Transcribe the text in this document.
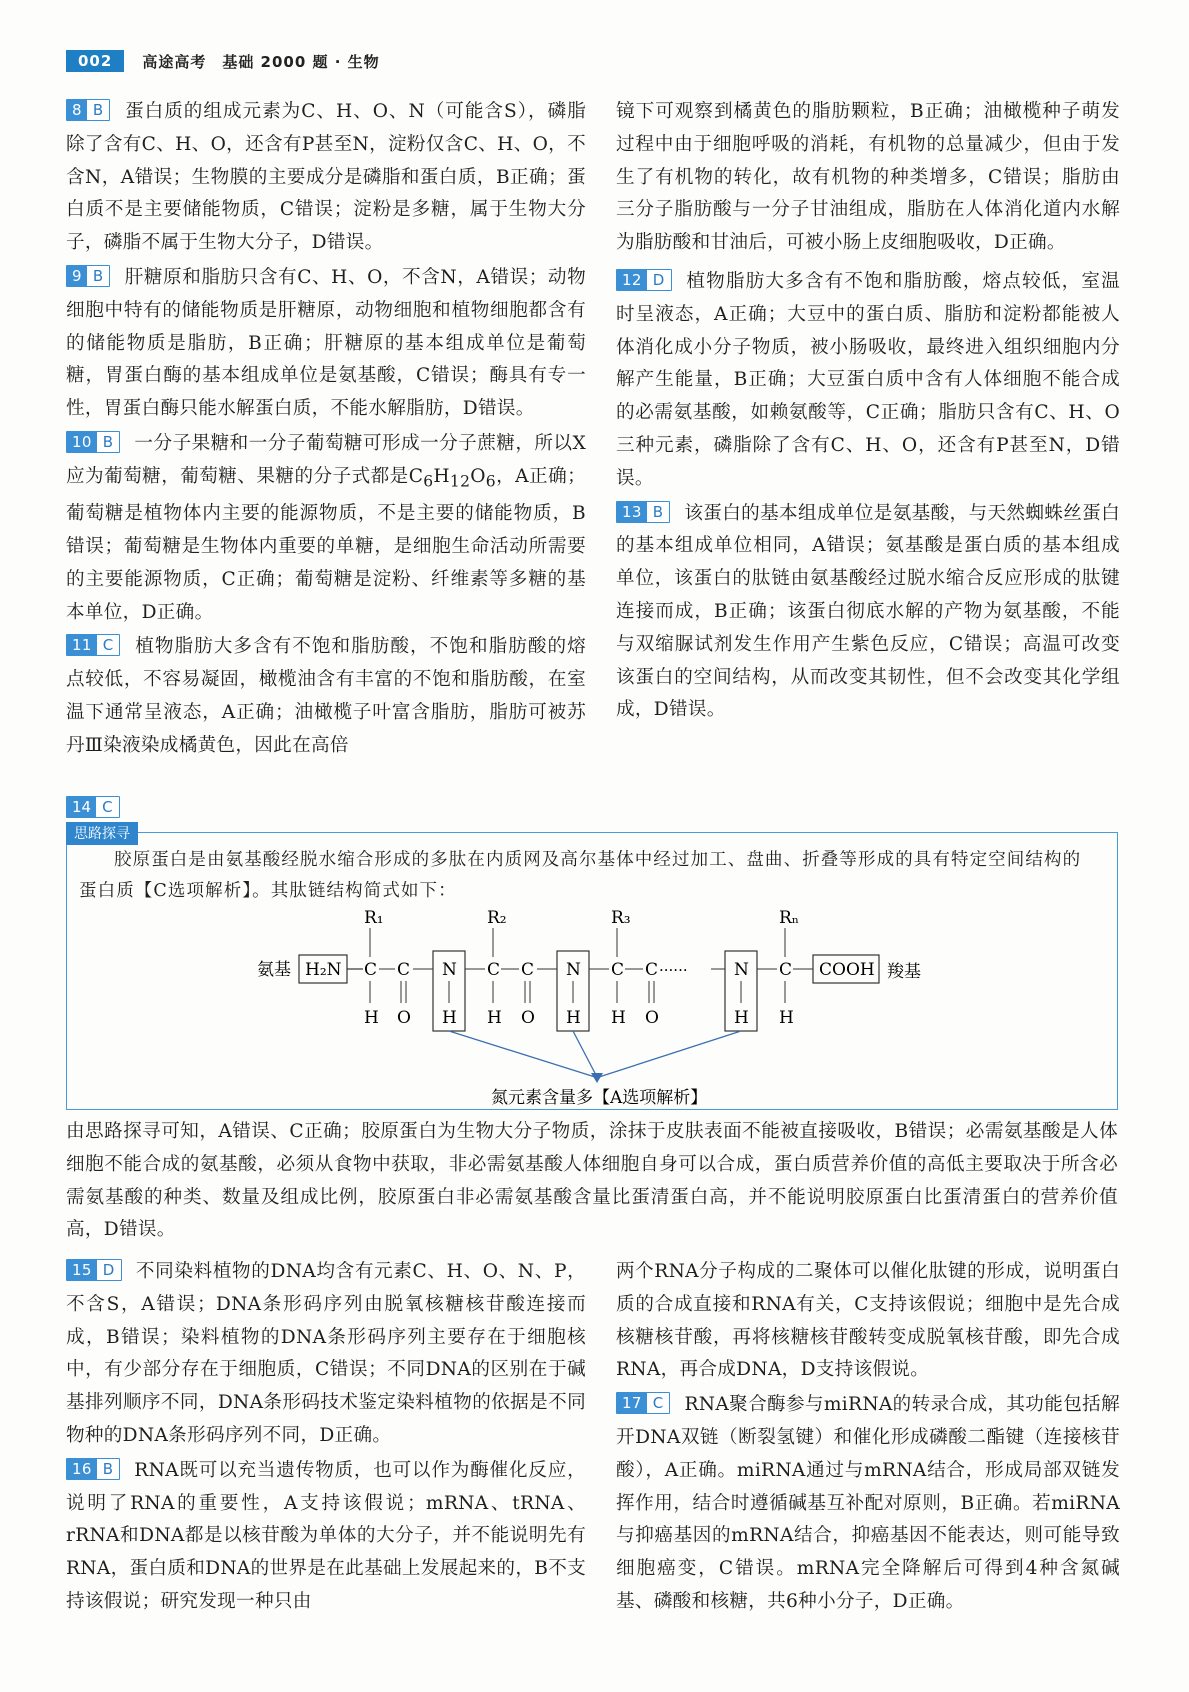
002	高途高考　基础 2000 题 · 生物

8 B 蛋白质的组成元素为C、H、O、N（可能含S），磷脂除了含有C、H、O，还含有P甚至N，淀粉仅含C、H、O，不含N，A错误；生物膜的主要成分是磷脂和蛋白质，B正确；蛋白质不是主要储能物质，C错误；淀粉是多糖，属于生物大分子，磷脂不属于生物大分子，D错误。

9 B 肝糖原和脂肪只含有C、H、O，不含N，A错误；动物细胞中特有的储能物质是肝糖原，动物细胞和植物细胞都含有的储能物质是脂肪，B正确；肝糖原的基本组成单位是葡萄糖，胃蛋白酶的基本组成单位是氨基酸，C错误；酶具有专一性，胃蛋白酶只能水解蛋白质，不能水解脂肪，D错误。

10 B 一分子果糖和一分子葡萄糖可形成一分子蔗糖，所以X应为葡萄糖，葡萄糖、果糖的分子式都是$C_6H_{12}O_6$，A正确；葡萄糖是植物体内主要的能源物质，不是主要的储能物质，B错误；葡萄糖是生物体内重要的单糖，是细胞生命活动所需要的主要能源物质，C正确；葡萄糖是淀粉、纤维素等多糖的基本单位，D正确。

11 C 植物脂肪大多含有不饱和脂肪酸，不饱和脂肪酸的熔点较低，不容易凝固，橄榄油含有丰富的不饱和脂肪酸，在室温下通常呈液态，A正确；油橄榄子叶富含脂肪，脂肪可被苏丹Ⅲ染液染成橘黄色，因此在高倍

镜下可观察到橘黄色的脂肪颗粒，B正确；油橄榄种子萌发过程中由于细胞呼吸的消耗，有机物的总量减少，但由于发生了有机物的转化，故有机物的种类增多，C错误；脂肪由三分子脂肪酸与一分子甘油组成，脂肪在人体消化道内水解为脂肪酸和甘油后，可被小肠上皮细胞吸收，D正确。

12 D 植物脂肪大多含有不饱和脂肪酸，熔点较低，室温时呈液态，A正确；大豆中的蛋白质、脂肪和淀粉都能被人体消化成小分子物质，被小肠吸收，最终进入组织细胞内分解产生能量，B正确；大豆蛋白质中含有人体细胞不能合成的必需氨基酸，如赖氨酸等，C正确；脂肪只含有C、H、O三种元素，磷脂除了含有C、H、O，还含有P甚至N，D错误。

13 B 该蛋白的基本组成单位是氨基酸，与天然蜘蛛丝蛋白的基本组成单位相同，A错误；氨基酸是蛋白质的基本组成单位，该蛋白的肽链由氨基酸经过脱水缩合反应形成的肽键连接而成，B正确；该蛋白彻底水解的产物为氨基酸，不能与双缩脲试剂发生作用产生紫色反应，C错误；高温可改变该蛋白的空间结构，从而改变其韧性，但不会改变其化学组成，D错误。

14 C
思路探寻
胶原蛋白是由氨基酸经脱水缩合形成的多肽在内质网及高尔基体中经过加工、盘曲、折叠等形成的具有特定空间结构的蛋白质【C选项解析】。其肽链结构简式如下：
氨基 H₂N
R₁
C
H
C
O
N
H
R₂
C
H
C
O
N
H
R₃
C
H
C
O
······	N
H
Rₙ
C
H
COOH 羧基
氮元素含量多【A选项解析】
由思路探寻可知，A错误、C正确；胶原蛋白为生物大分子物质，涂抹于皮肤表面不能被直接吸收，B错误；必需氨基酸是人体细胞不能合成的氨基酸，必须从食物中获取，非必需氨基酸人体细胞自身可以合成，蛋白质营养价值的高低主要取决于所含必需氨基酸的种类、数量及组成比例，胶原蛋白非必需氨基酸含量比蛋清蛋白高，并不能说明胶原蛋白比蛋清蛋白的营养价值高，D错误。

15 D 不同染料植物的DNA均含有元素C、H、O、N、P，不含S，A错误；DNA条形码序列由脱氧核糖核苷酸连接而成，B错误；染料植物的DNA条形码序列主要存在于细胞核中，有少部分存在于细胞质，C错误；不同DNA的区别在于碱基排列顺序不同，DNA条形码技术鉴定染料植物的依据是不同物种的DNA条形码序列不同，D正确。

16 B RNA既可以充当遗传物质，也可以作为酶催化反应，说明了RNA的重要性，A支持该假说；mRNA、tRNA、rRNA和DNA都是以核苷酸为单体的大分子，并不能说明先有RNA，蛋白质和DNA的世界是在此基础上发展起来的，B不支持该假说；研究发现一种只由

两个RNA分子构成的二聚体可以催化肽键的形成，说明蛋白质的合成直接和RNA有关，C支持该假说；细胞中是先合成核糖核苷酸，再将核糖核苷酸转变成脱氧核苷酸，即先合成RNA，再合成DNA，D支持该假说。

17 C RNA聚合酶参与miRNA的转录合成，其功能包括解开DNA双链（断裂氢键）和催化形成磷酸二酯键（连接核苷酸），A正确。miRNA通过与mRNA结合，形成局部双链发挥作用，结合时遵循碱基互补配对原则，B正确。若miRNA与抑癌基因的mRNA结合，抑癌基因不能表达，则可能导致细胞癌变，C错误。mRNA完全降解后可得到4种含氮碱基、磷酸和核糖，共6种小分子，D正确。
